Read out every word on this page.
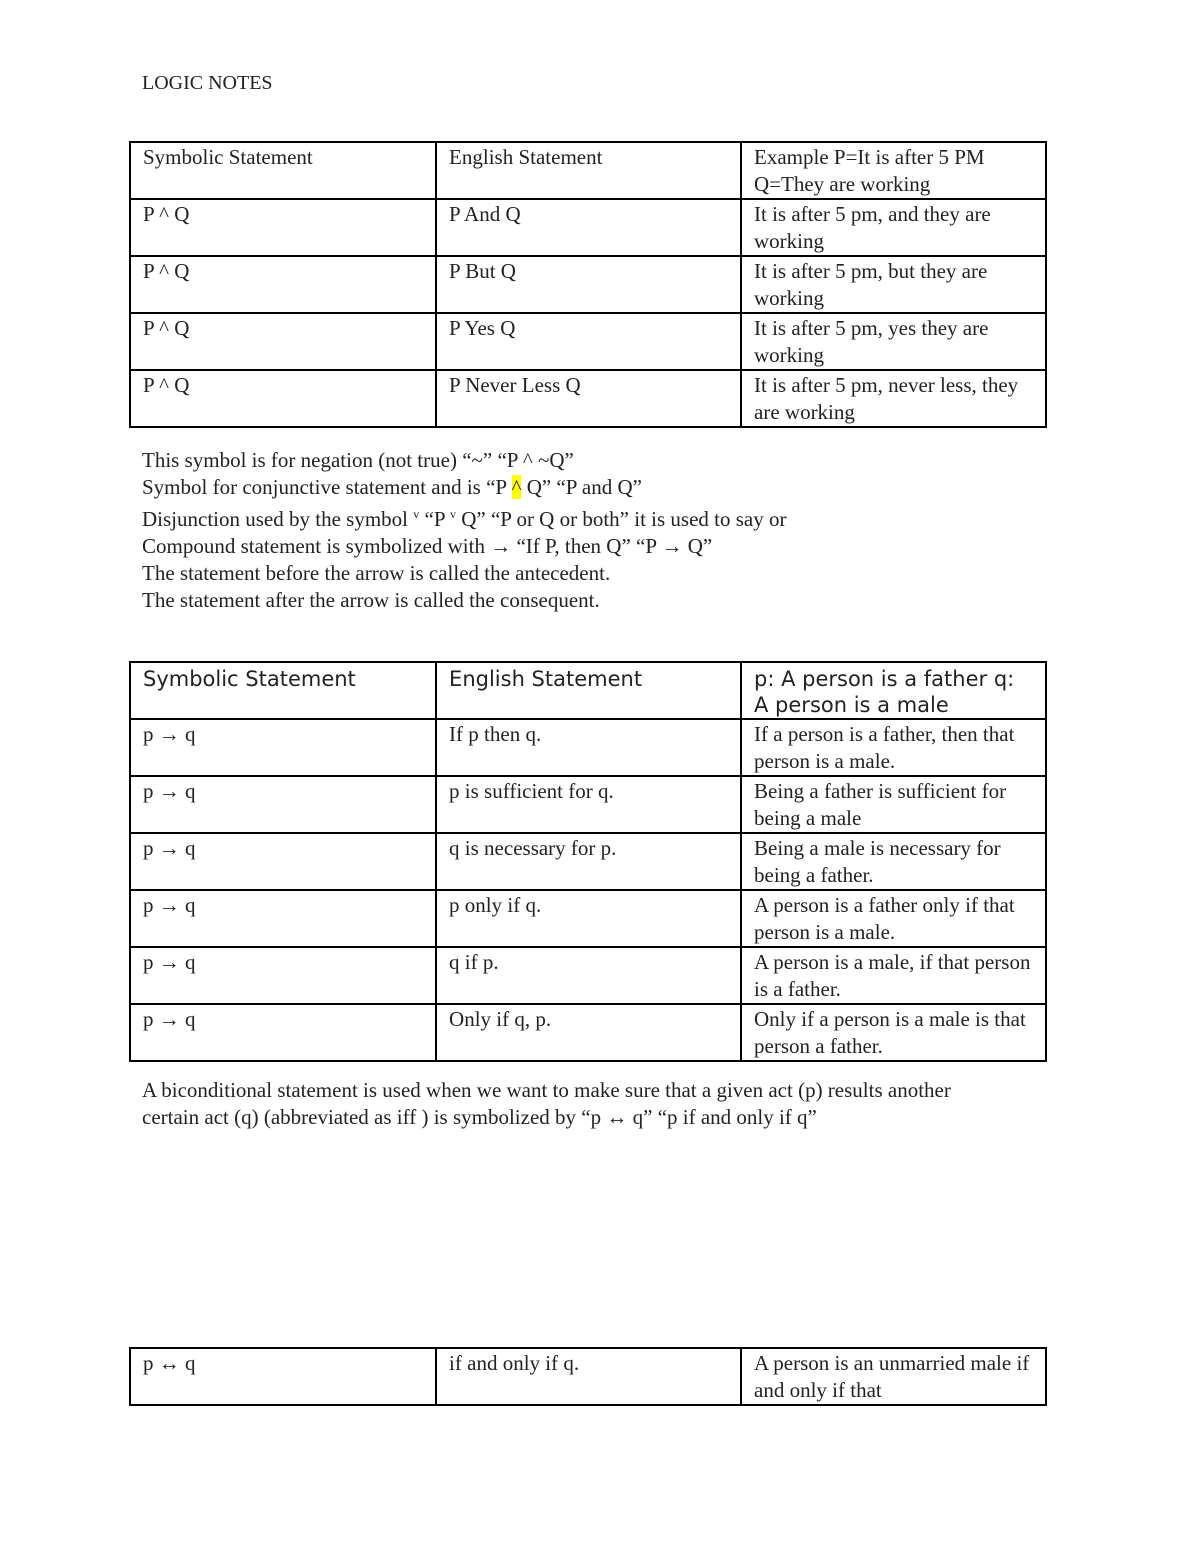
LOGIC NOTES
Symbolic Statement	English Statement	Example P=It is after 5 PM Q=They are working
P ^ Q	P And Q	It is after 5 pm, and they are working
P ^ Q	P But Q	It is after 5 pm, but they are working
P ^ Q	P Yes Q	It is after 5 pm, yes they are working
P ^ Q	P Never Less Q	It is after 5 pm, never less, they are working
This symbol is for negation (not true) “~” “P ^ ~Q”
Symbol for conjunctive statement and is “P ^ Q” “P and Q”
Disjunction used by the symbol $^v$ “P $^v$ Q” “P or Q or both” it is used to say or
Compound statement is symbolized with → “If P, then Q” “P → Q”
The statement before the arrow is called the antecedent.
The statement after the arrow is called the consequent.
Symbolic Statement	English Statement	p: A person is a father q: A person is a male
p → q	If p then q.	If a person is a father, then that person is a male.
p → q	p is sufficient for q.	Being a father is sufficient for being a male
p → q	q is necessary for p.	Being a male is necessary for being a father.
p → q	p only if q.	A person is a father only if that person is a male.
p → q	q if p.	A person is a male, if that person is a father.
p → q	Only if q, p.	Only if a person is a male is that person a father.
A biconditional statement is used when we want to make sure that a given act (p) results another
certain act (q) (abbreviated as iff ) is symbolized by “p ↔ q” “p if and only if q”
p ↔ q	if and only if q.	A person is an unmarried male if and only if that
